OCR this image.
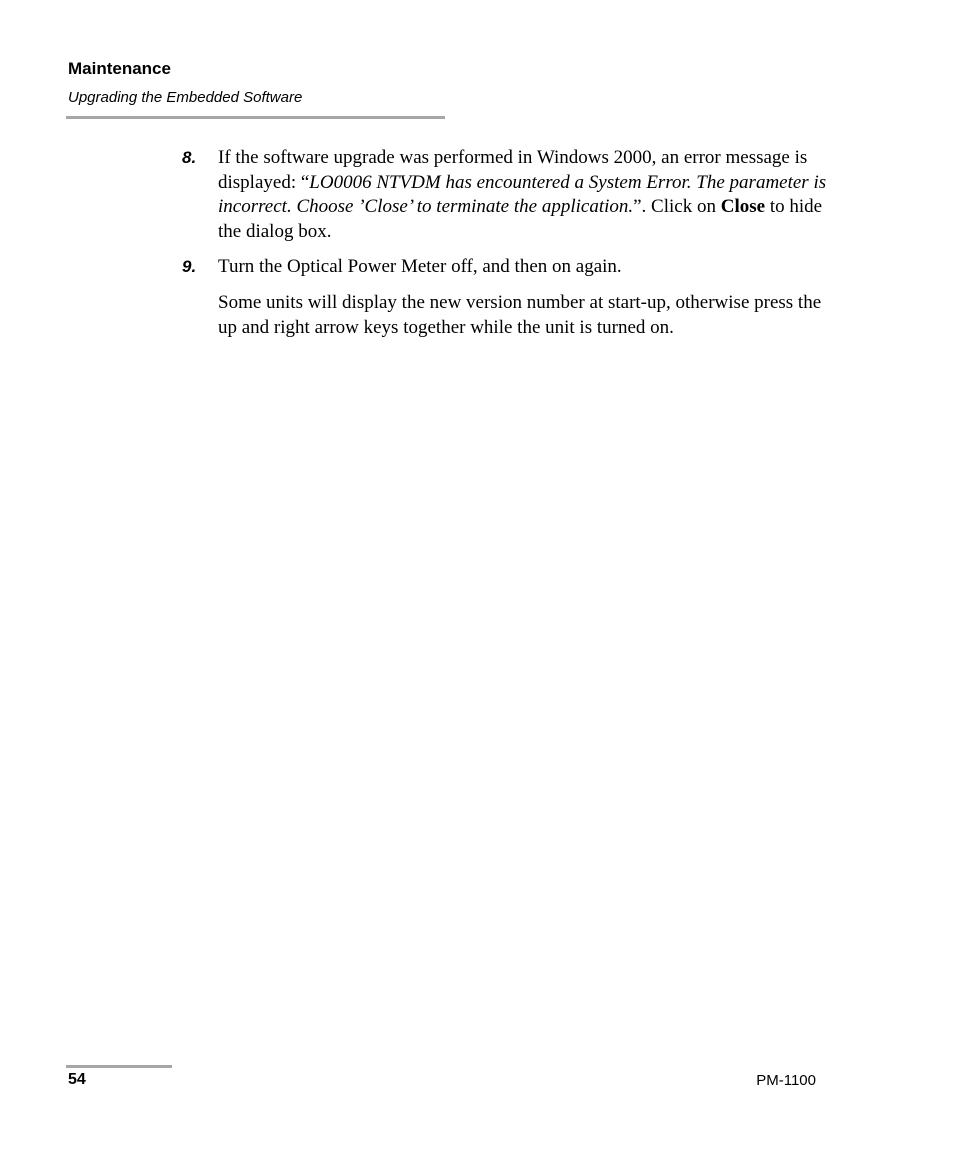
Maintenance
Upgrading the Embedded Software
8. If the software upgrade was performed in Windows 2000, an error message is displayed: “LO0006 NTVDM has encountered a System Error. The parameter is incorrect. Choose ’Close’ to terminate the application.”. Click on Close to hide the dialog box.
9. Turn the Optical Power Meter off, and then on again.
Some units will display the new version number at start-up, otherwise press the up and right arrow keys together while the unit is turned on.
54	PM-1100
